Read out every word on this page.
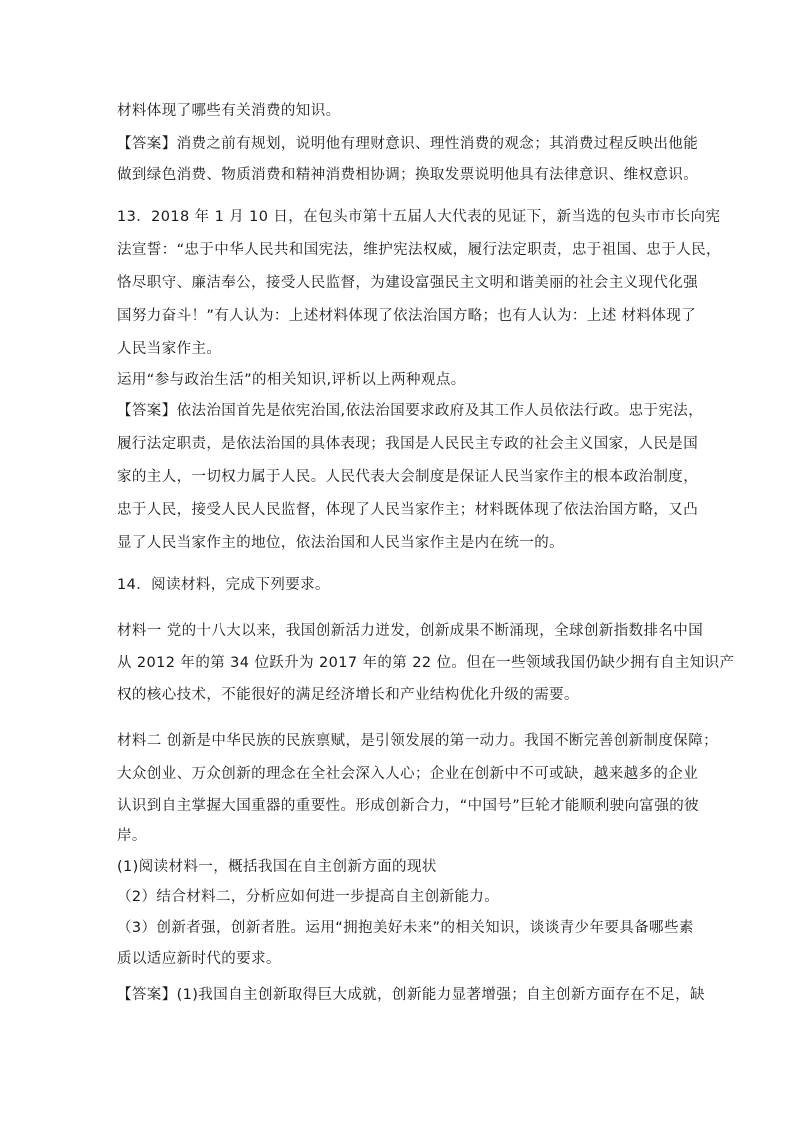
材料体现了哪些有关消费的知识。
【答案】消费之前有规划，说明他有理财意识、理性消费的观念；其消费过程反映出他能
做到绿色消费、物质消费和精神消费相协调；换取发票说明他具有法律意识、维权意识。
13．2018 年 1 月 10 日，在包头市第十五届人大代表的见证下，新当选的包头市市长向宪
法宣誓：“忠于中华人民共和国宪法，维护宪法权威，履行法定职责，忠于祖国、忠于人民，
恪尽职守、廉洁奉公，接受人民监督，为建设富强民主文明和谐美丽的社会主义现代化强
国努力奋斗！”有人认为：上述材料体现了依法治国方略；也有人认为：上述 材料体现了
人民当家作主。
运用“参与政治生活”的相关知识,评析以上两种观点。
【答案】依法治国首先是依宪治国,依法治国要求政府及其工作人员依法行政。忠于宪法，
履行法定职责，是依法治国的具体表现；我国是人民民主专政的社会主义国家，人民是国
家的主人，一切权力属于人民。人民代表大会制度是保证人民当家作主的根本政治制度，
忠于人民，接受人民人民监督，体现了人民当家作主；材料既体现了依法治国方略，又凸
显了人民当家作主的地位，依法治国和人民当家作主是内在统一的。
14．阅读材料，完成下列要求。
材料一 党的十八大以来，我国创新活力迸发，创新成果不断涌现，全球创新指数排名中国
从 2012 年的第 34 位跃升为 2017 年的第 22 位。但在一些领域我国仍缺少拥有自主知识产
权的核心技术，不能很好的满足经济增长和产业结构优化升级的需要。
材料二 创新是中华民族的民族禀赋，是引领发展的第一动力。我国不断完善创新制度保障；
大众创业、万众创新的理念在全社会深入人心；企业在创新中不可或缺，越来越多的企业
认识到自主掌握大国重器的重要性。形成创新合力，“中国号”巨轮才能顺利驶向富强的彼
岸。
(1)阅读材料一，概括我国在自主创新方面的现状
（2）结合材料二，分析应如何进一步提高自主创新能力。
（3）创新者强，创新者胜。运用“拥抱美好未来”的相关知识，谈谈青少年要具备哪些素
质以适应新时代的要求。
【答案】(1)我国自主创新取得巨大成就，创新能力显著增强；自主创新方面存在不足，缺
